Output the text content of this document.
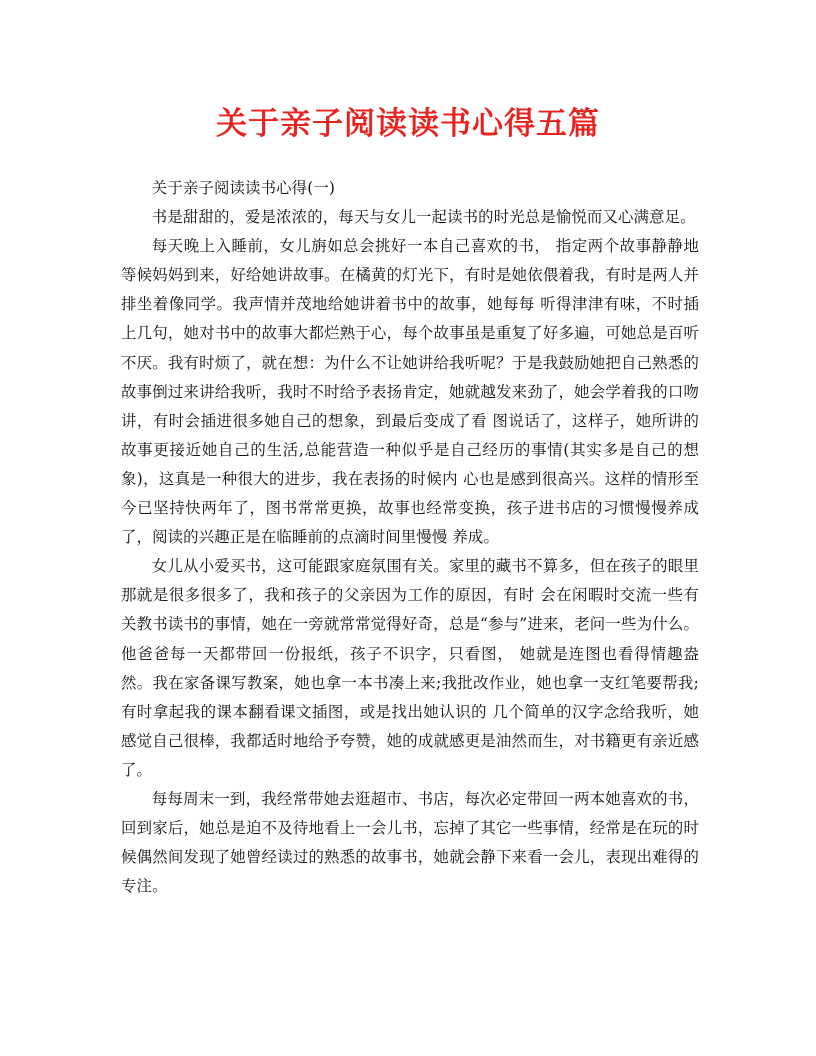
关于亲子阅读读书心得五篇

关于亲子阅读读书心得(一)

书是甜甜的，爱是浓浓的，每天与女儿一起读书的时光总是愉悦而又心满意足。

每天晚上入睡前，女儿旃如总会挑好一本自己喜欢的书， 指定两个故事静静地等候妈妈到来，好给她讲故事。在橘黄的灯光下，有时是她依偎着我，有时是两人并排坐着像同学。我声情并茂地给她讲着书中的故事，她每每 听得津津有味，不时插上几句，她对书中的故事大都烂熟于心，每个故事虽是重复了好多遍，可她总是百听不厌。我有时烦了，就在想：为什么不让她讲给我听呢？于是我鼓励她把自己熟悉的故事倒过来讲给我听，我时不时给予表扬肯定，她就越发来劲了，她会学着我的口吻讲，有时会插进很多她自己的想象，到最后变成了看 图说话了，这样子，她所讲的故事更接近她自己的生活,总能营造一种似乎是自己经历的事情(其实多是自己的想象)，这真是一种很大的进步，我在表扬的时候内 心也是感到很高兴。这样的情形至今已坚持快两年了，图书常常更换，故事也经常变换，孩子进书店的习惯慢慢养成了，阅读的兴趣正是在临睡前的点滴时间里慢慢 养成。

女儿从小爱买书，这可能跟家庭氛围有关。家里的藏书不算多，但在孩子的眼里那就是很多很多了，我和孩子的父亲因为工作的原因，有时 会在闲暇时交流一些有关教书读书的事情，她在一旁就常常觉得好奇，总是“参与”进来，老问一些为什么。他爸爸每一天都带回一份报纸，孩子不识字，只看图， 她就是连图也看得情趣盎然。我在家备课写教案，她也拿一本书凑上来;我批改作业，她也拿一支红笔要帮我;有时拿起我的课本翻看课文插图，或是找出她认识的 几个简单的汉字念给我听，她感觉自己很棒，我都适时地给予夸赞，她的成就感更是油然而生，对书籍更有亲近感了。

每每周末一到，我经常带她去逛超市、书店，每次必定带回一两本她喜欢的书，回到家后，她总是迫不及待地看上一会儿书，忘掉了其它一些事情，经常是在玩的时候偶然间发现了她曾经读过的熟悉的故事书，她就会静下来看一会儿，表现出难得的专注。
